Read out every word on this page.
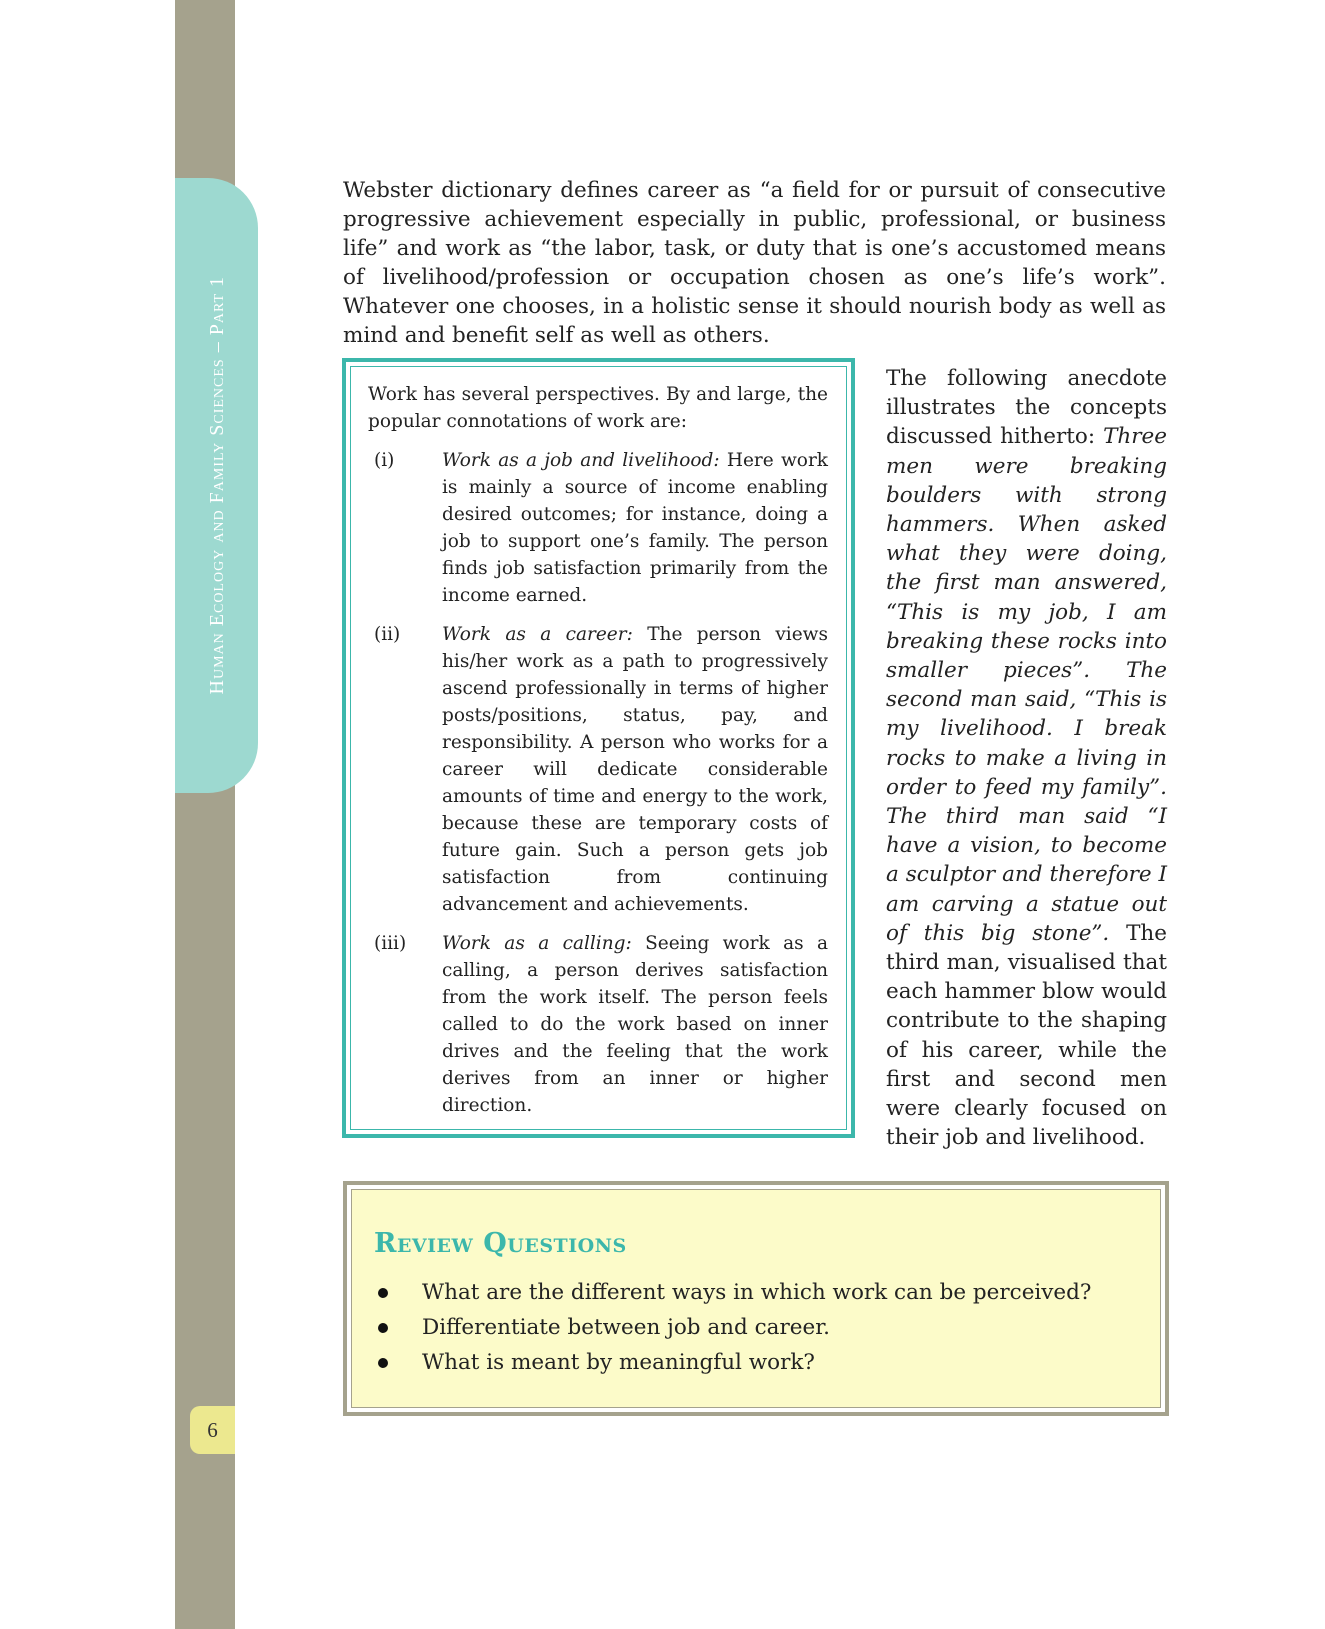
Human Ecology and Family Sciences – Part 1
6

Webster dictionary defines career as “a field for or pursuit of consecutive progressive achievement especially in public, professional, or business life” and work as “the labor, task, or duty that is one’s accustomed means of livelihood/profession or occupation chosen as one’s life’s work”. Whatever one chooses, in a holistic sense it should nourish body as well as mind and benefit self as well as others.

Work has several perspectives. By and large, the popular connotations of work are:

(i)	Work as a job and livelihood: Here work is mainly a source of income enabling desired outcomes; for instance, doing a job to support one’s family. The person finds job satisfaction primarily from the income earned.
(ii)	Work as a career: The person views his/her work as a path to progressively ascend professionally in terms of higher posts/positions, status, pay, and responsibility. A person who works for a career will dedicate considerable amounts of time and energy to the work, because these are temporary costs of future gain. Such a person gets job satisfaction from continuing advancement and achievements.
(iii)	Work as a calling: Seeing work as a calling, a person derives satisfaction from the work itself. The person feels called to do the work based on inner drives and the feeling that the work derives from an inner or higher direction.

The following anecdote illustrates the concepts discussed hitherto: Three men were breaking boulders with strong hammers. When asked what they were doing, the first man answered, “This is my job, I am breaking these rocks into smaller pieces”. The second man said, “This is my livelihood. I break rocks to make a living in order to feed my family”. The third man said “I have a vision, to become a sculptor and therefore I am carving a statue out of this big stone”. The third man, visualised that each hammer blow would contribute to the shaping of his career, while the first and second men were clearly focused on their job and livelihood.

Review Questions
What are the different ways in which work can be perceived?
Differentiate between job and career.
What is meant by meaningful work?
